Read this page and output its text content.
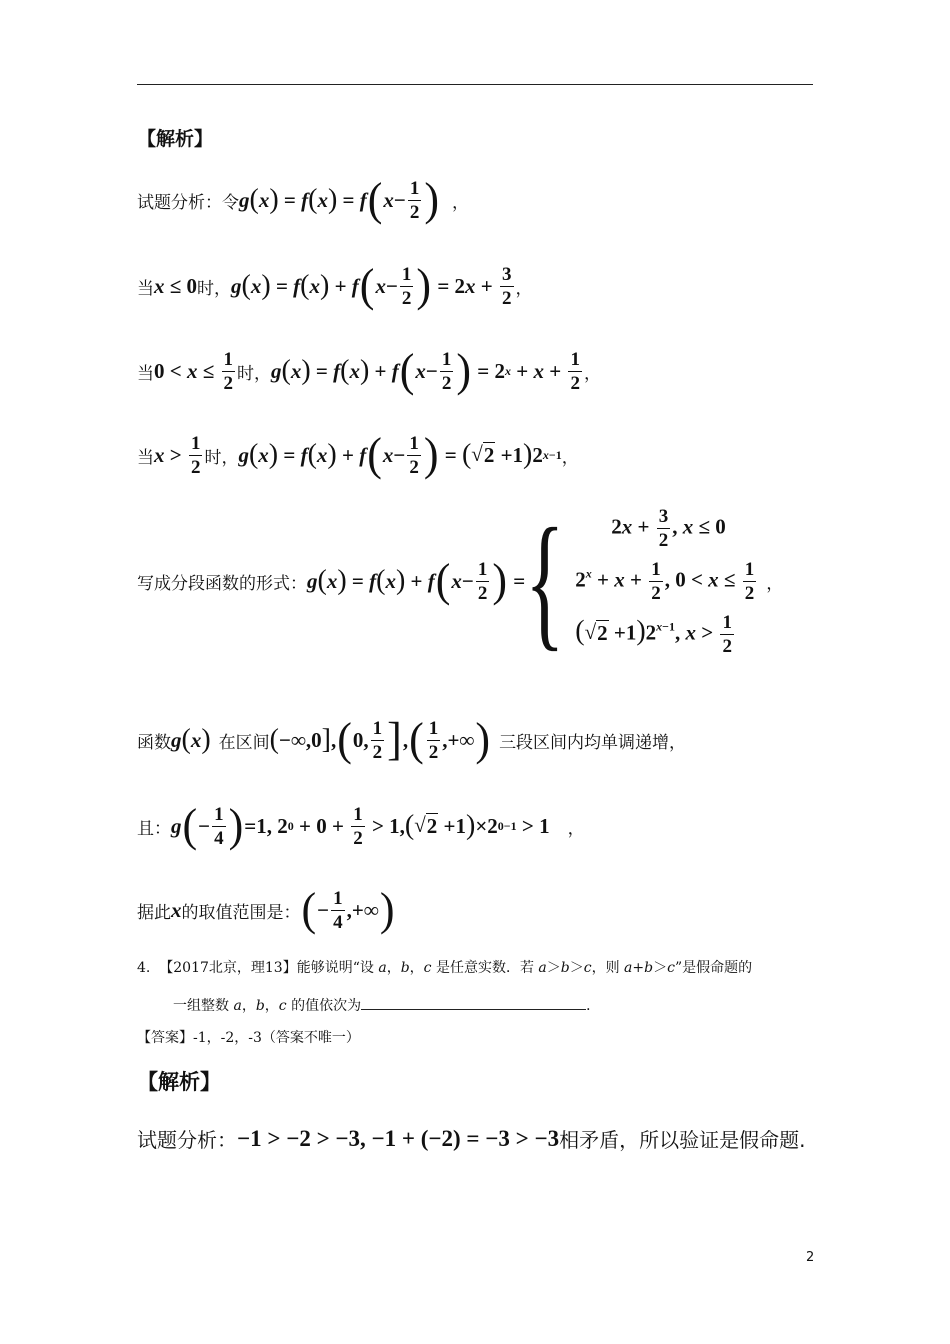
【解析】
试题分析：令 g ( x ) = f ( x ) = f ( $x - \frac{1}{2}$ ) ，
当 x ≤ 0 时， g ( x ) = f ( x ) + f ( $x - \frac{1}{2}$ ) = 2 $x + \frac{3}{2}$ ，
当 $0 < x \le \frac{1}{2}$ 时， g ( x ) = f ( x ) + f ( $x - \frac{1}{2}$ ) = 2 $x + x + \frac{1}{2}$ ，
当 $x > \frac{1}{2}$ 时， g ( x ) = f ( x ) + f ( $x - \frac{1}{2}$ ) = ( √ 2 +1 ) 2 x−1 ，
写成分段函数的形式： g ( x ) = f ( x ) + f ( $x - \frac{1}{2}$ ) = { $2x + \frac{3}{2}$ , x ≤ 0
$2^x + x + \frac{1}{2}$ , $0 < x \le \frac{1}{2}$
(√ $2 +1)2^{x-1}$, $x > \frac{1}{2}$
，
函数 g ( x ) 在区间 ( −∞,0 ] , ( 0, $\frac{1}{2}$ ] , ( $\frac{1}{2}$ ,+∞ ) 三段区间内均单调递增，
且： g ( − $\frac{1}{4}$ ) =1, 2 $0 + 0 + \frac{1}{2} > 1$, ( √ 2 +1 ) ×2 0−1 > 1 ，
据此 x 的取值范围是： ( − $\frac{1}{4}$ ,+∞ )
4. 【2017北京，理13】能够说明“设 a，b，c 是任意实数．若 a＞b＞c，则 a+b＞c”是假命题的
一组整数 a，b，c 的值依次为	．
【答案】-1，-2，-3（答案不唯一）
【解析】
试题分析： −1 > −2 > −3, −1 + (−2) = −3 > −3 相矛盾，所以验证是假命题.
2
